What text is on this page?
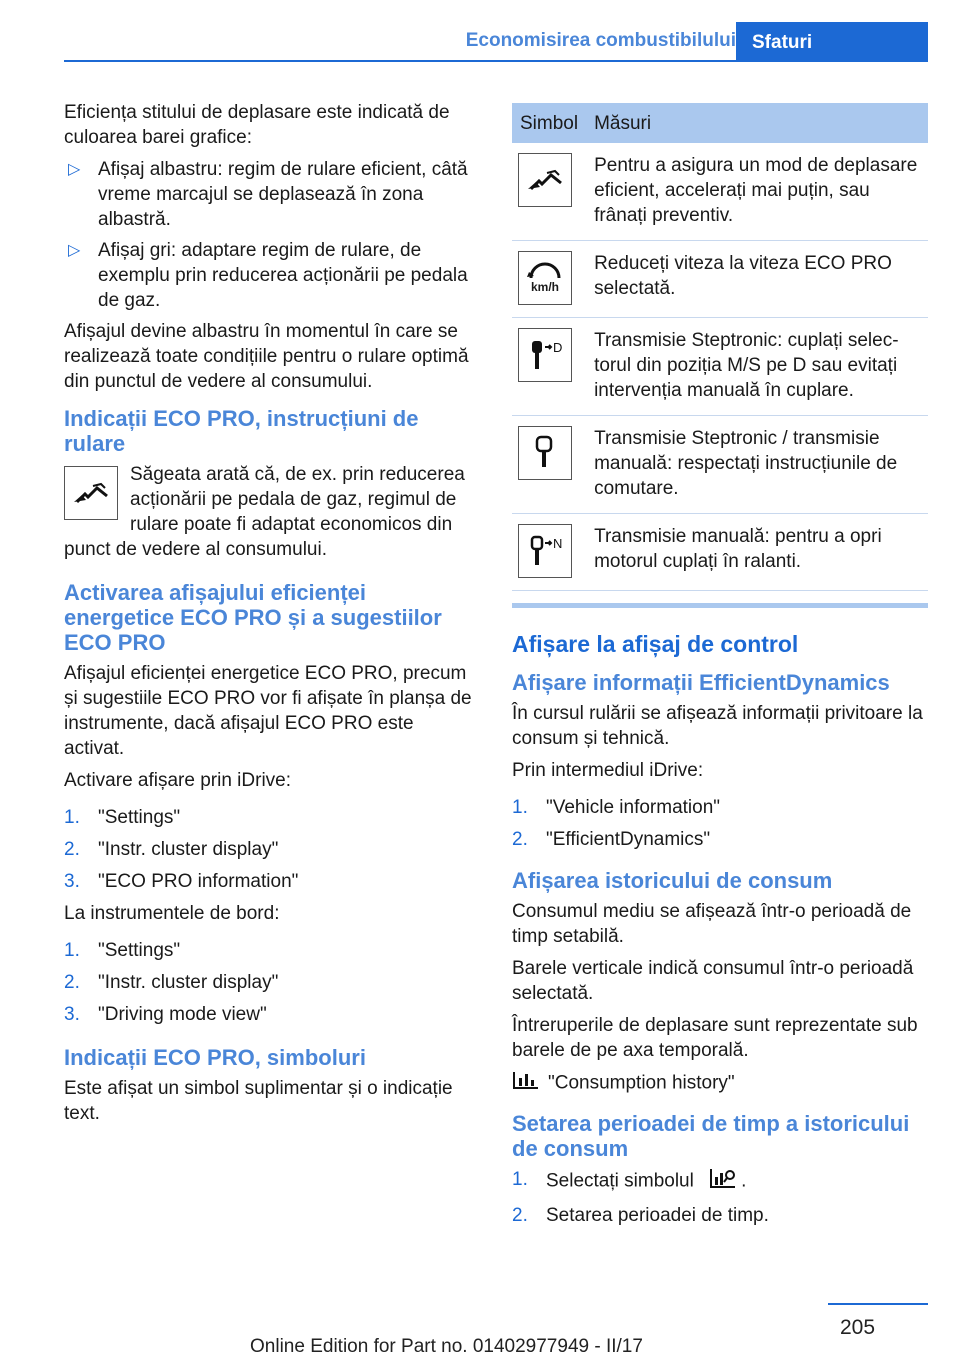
Economisirea combustibilului Sfaturi

Eficiența stitului de deplasare este indicată de culoarea barei grafice:

▷ Afișaj albastru: regim de rulare eficient, câtă vreme marcajul se deplasează în zona albastră.
▷ Afișaj gri: adaptare regim de rulare, de exemplu prin reducerea acționării pe pedala de gaz.

Afișajul devine albastru în momentul în care se realizează toate condițiile pentru o rulare optimă din punctul de vedere al consumului.

Indicații ECO PRO, instrucțiuni de rulare
Săgeata arată că, de ex. prin reducerea acționării pe pedala de gaz, regimul de rulare poate fi adaptat economicos din punct de vedere al consumului.
Activarea afișajului eficienței energetice ECO PRO și a sugestiilor ECO PRO

Afișajul eficienței energetice ECO PRO, precum și sugestiile ECO PRO vor fi afișate în planșa de instrumente, dacă afișajul ECO PRO este activat.

Activare afișare prin iDrive:

1. "Settings"
2. "Instr. cluster display"
3. "ECO PRO information"

La instrumentele de bord:

1. "Settings"
2. "Instr. cluster display"
3. "Driving mode view"
Indicații ECO PRO, simboluri

Este afișat un simbol suplimentar și o indicație text.

Simbol	Măsuri

	Pentru a asigura un mod de deplasare eficient, accelerați mai puțin, sau frânați preventiv.

km/h	Reduceți viteza la viteza ECO PRO selectată.

D	Transmisie Steptronic: cuplați selectorul din poziția M/S pe D sau evitați intervenția manuală în cuplare.

	Transmisie Steptronic / transmisie manuală: respectați instrucțiunile de comutare.

N	Transmisie manuală: pentru a opri motorul cuplați în ralanti.
Afișare la afișaj de control
Afișare informații EfficientDynamics

În cursul rulării se afișează informații privitoare la consum și tehnică.

Prin intermediul iDrive:

1. "Vehicle information"
2. "EfficientDynamics"
Afișarea istoricului de consum

Consumul mediu se afișează într-o perioadă de timp setabilă.

Barele verticale indică consumul într-o perioadă selectată.

Întreruperile de deplasare sunt reprezentate sub barele de pe axa temporală.

"Consumption history"

Setarea perioadei de timp a istoricului de consum
1. Selectați simbolul .
2. Setarea perioadei de timp.
205
Online Edition for Part no. 01402977949 - II/17
